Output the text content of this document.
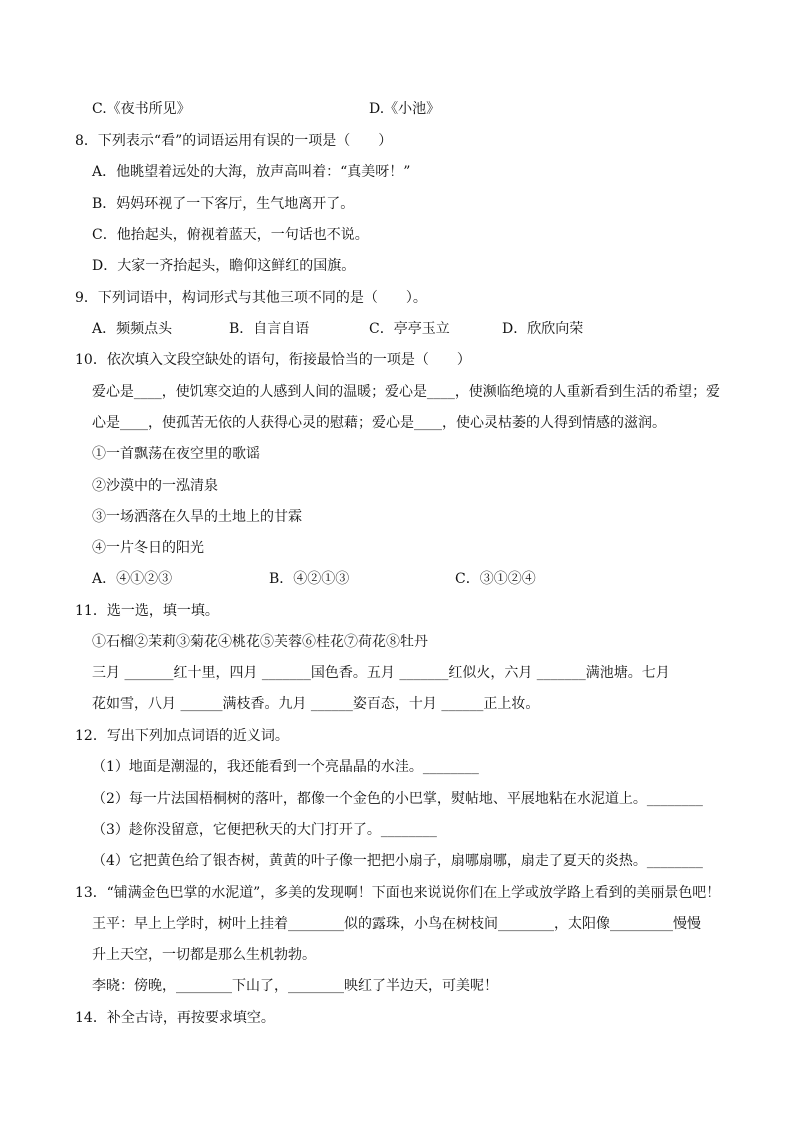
C.《夜书所见》	D.《小池》
8．下列表示“看”的词语运用有误的一项是（　　）
A．他眺望着远处的大海，放声高叫着：“真美呀！”
B．妈妈环视了一下客厅，生气地离开了。
C．他抬起头，俯视着蓝天，一句话也不说。
D．大家一齐抬起头，瞻仰这鲜红的国旗。
9．下列词语中，构词形式与其他三项不同的是（　　）。
A．频频点头	B．自言自语	C．亭亭玉立	D．欣欣向荣
10．依次填入文段空缺处的语句，衔接最恰当的一项是（　　）
爱心是____，使饥寒交迫的人感到人间的温暖；爱心是____，使濒临绝境的人重新看到生活的希望；爱
心是____，使孤苦无依的人获得心灵的慰藉；爱心是____，使心灵枯萎的人得到情感的滋润。
①一首飘荡在夜空里的歌谣
②沙漠中的一泓清泉
③一场洒落在久旱的土地上的甘霖
④一片冬日的阳光
A．④①②③	B．④②①③	C．③①②④
11．选一选，填一填。
①石榴②茉莉③菊花④桃花⑤芙蓉⑥桂花⑦荷花⑧牡丹
三月 _______红十里，四月 _______国色香。五月 _______红似火，六月 _______满池塘。七月
花如雪，八月 ______满枝香。九月 ______姿百态，十月 ______正上妆。
12．写出下列加点词语的近义词。
（1）地面是潮湿的，我还能看到一个亮晶晶的水洼。________
（2）每一片法国梧桐树的落叶，都像一个金色的小巴掌，熨帖地、平展地粘在水泥道上。________
（3）趁你没留意，它便把秋天的大门打开了。________
（4）它把黄色给了银杏树，黄黄的叶子像一把把小扇子，扇哪扇哪，扇走了夏天的炎热。________
13．“铺满金色巴掌的水泥道”，多美的发现啊！下面也来说说你们在上学或放学路上看到的美丽景色吧！
王平：早上上学时，树叶上挂着________似的露珠，小鸟在树枝间________，太阳像_________慢慢
升上天空，一切都是那么生机勃勃。
李晓：傍晚，________下山了，________映红了半边天，可美呢！
14．补全古诗，再按要求填空。
